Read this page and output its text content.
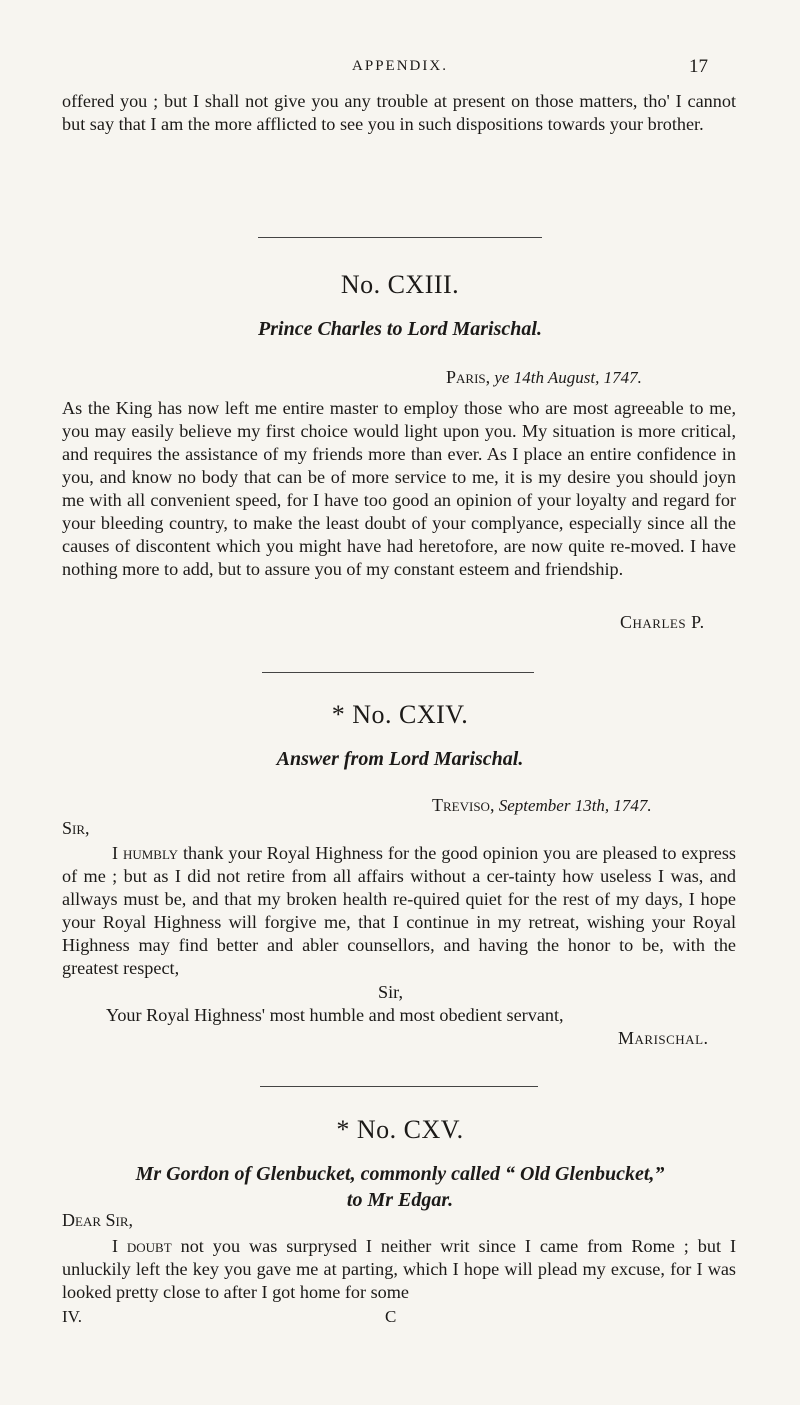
APPENDIX.	17
offered you ; but I shall not give you any trouble at present on those matters, tho' I cannot but say that I am the more afflicted to see you in such dispositions towards your brother.
No. CXIII.
Prince Charles to Lord Marischal.
Paris, ye 14th August, 1747.
As the King has now left me entire master to employ those who are most agreeable to me, you may easily believe my first choice would light upon you. My situation is more critical, and requires the assistance of my friends more than ever. As I place an entire confidence in you, and know no body that can be of more service to me, it is my desire you should joyn me with all convenient speed, for I have too good an opinion of your loyalty and regard for your bleeding country, to make the least doubt of your complyance, especially since all the causes of discontent which you might have had heretofore, are now quite re-moved. I have nothing more to add, but to assure you of my constant esteem and friendship.
Charles P.
* No. CXIV.
Answer from Lord Marischal.
Treviso, September 13th, 1747.
Sir,
I humbly thank your Royal Highness for the good opinion you are pleased to express of me ; but as I did not retire from all affairs without a cer-tainty how useless I was, and allways must be, and that my broken health re-quired quiet for the rest of my days, I hope your Royal Highness will forgive me, that I continue in my retreat, wishing your Royal Highness may find better and abler counsellors, and having the honor to be, with the greatest respect,
Sir,
Your Royal Highness' most humble and most obedient servant,
Marischal.
* No. CXV.
Mr Gordon of Glenbucket, commonly called “ Old Glenbucket,”
to Mr Edgar.
Dear Sir,
I doubt not you was surprysed I neither writ since I came from Rome ; but I unluckily left the key you gave me at parting, which I hope will plead my excuse, for I was looked pretty close to after I got home for some
IV.	C
